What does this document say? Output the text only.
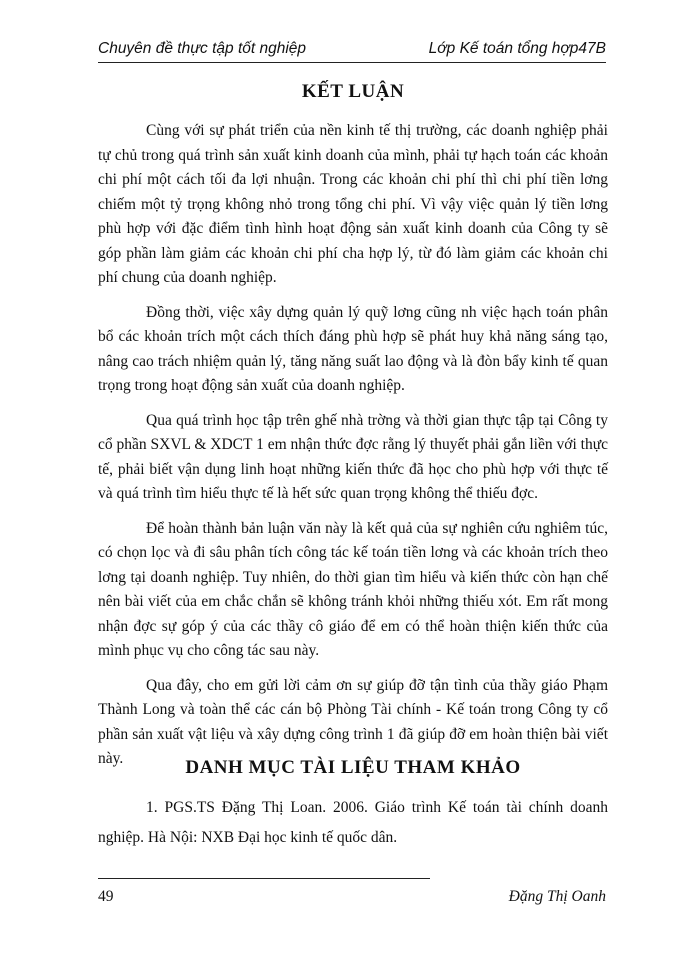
Chuyên đề thực tập tốt nghiệp	Lớp Kế toán tổng hợp47B
KẾT LUẬN

Cùng với sự phát triển của nền kinh tế thị trường, các doanh nghiệp phải tự chủ trong quá trình sản xuất kinh doanh của mình, phải tự hạch toán các khoản chi phí một cách tối đa lợi nhuận. Trong các khoản chi phí thì chi phí tiền lơng chiếm một tỷ trọng không nhỏ trong tổng chi phí. Vì vậy việc quản lý tiền lơng phù hợp với đặc điểm tình hình hoạt động sản xuất kinh doanh của Công ty sẽ góp phần làm giảm các khoản chi phí cha hợp lý, từ đó làm giảm các khoản chi phí chung của doanh nghiệp.

Đồng thời, việc xây dựng quản lý quỹ lơng cũng nh việc hạch toán phân bổ các khoản trích một cách thích đáng phù hợp sẽ phát huy khả năng sáng tạo, nâng cao trách nhiệm quản lý, tăng năng suất lao động và là đòn bẩy kinh tế quan trọng trong hoạt động sản xuất của doanh nghiệp.

Qua quá trình học tập trên ghế nhà trờng và thời gian thực tập tại Công ty cổ phần SXVL & XDCT 1 em nhận thức đợc rằng lý thuyết phải gắn liền với thực tế, phải biết vận dụng linh hoạt những kiến thức đã học cho phù hợp với thực tế và quá trình tìm hiểu thực tế là hết sức quan trọng không thể thiếu đợc.

Để hoàn thành bản luận văn này là kết quả của sự nghiên cứu nghiêm túc, có chọn lọc và đi sâu phân tích công tác kế toán tiền lơng và các khoản trích theo lơng tại doanh nghiệp. Tuy nhiên, do thời gian tìm hiểu và kiến thức còn hạn chế nên bài viết của em chắc chắn sẽ không tránh khỏi những thiếu xót. Em rất mong nhận đợc sự góp ý của các thầy cô giáo để em có thể hoàn thiện kiến thức của mình phục vụ cho công tác sau này.

Qua đây, cho em gửi lời cảm ơn sự giúp đỡ tận tình của thầy giáo Phạm Thành Long và toàn thể các cán bộ Phòng Tài chính - Kế toán trong Công ty cổ phần sản xuất vật liệu và xây dựng công trình 1 đã giúp đỡ em hoàn thiện bài viết này.	DANH MỤC TÀI LIỆU THAM KHẢO

1. PGS.TS Đặng Thị Loan. 2006. Giáo trình Kế toán tài chính doanh nghiệp. Hà Nội: NXB Đại học kinh tế quốc dân.

49	Đặng Thị Oanh
